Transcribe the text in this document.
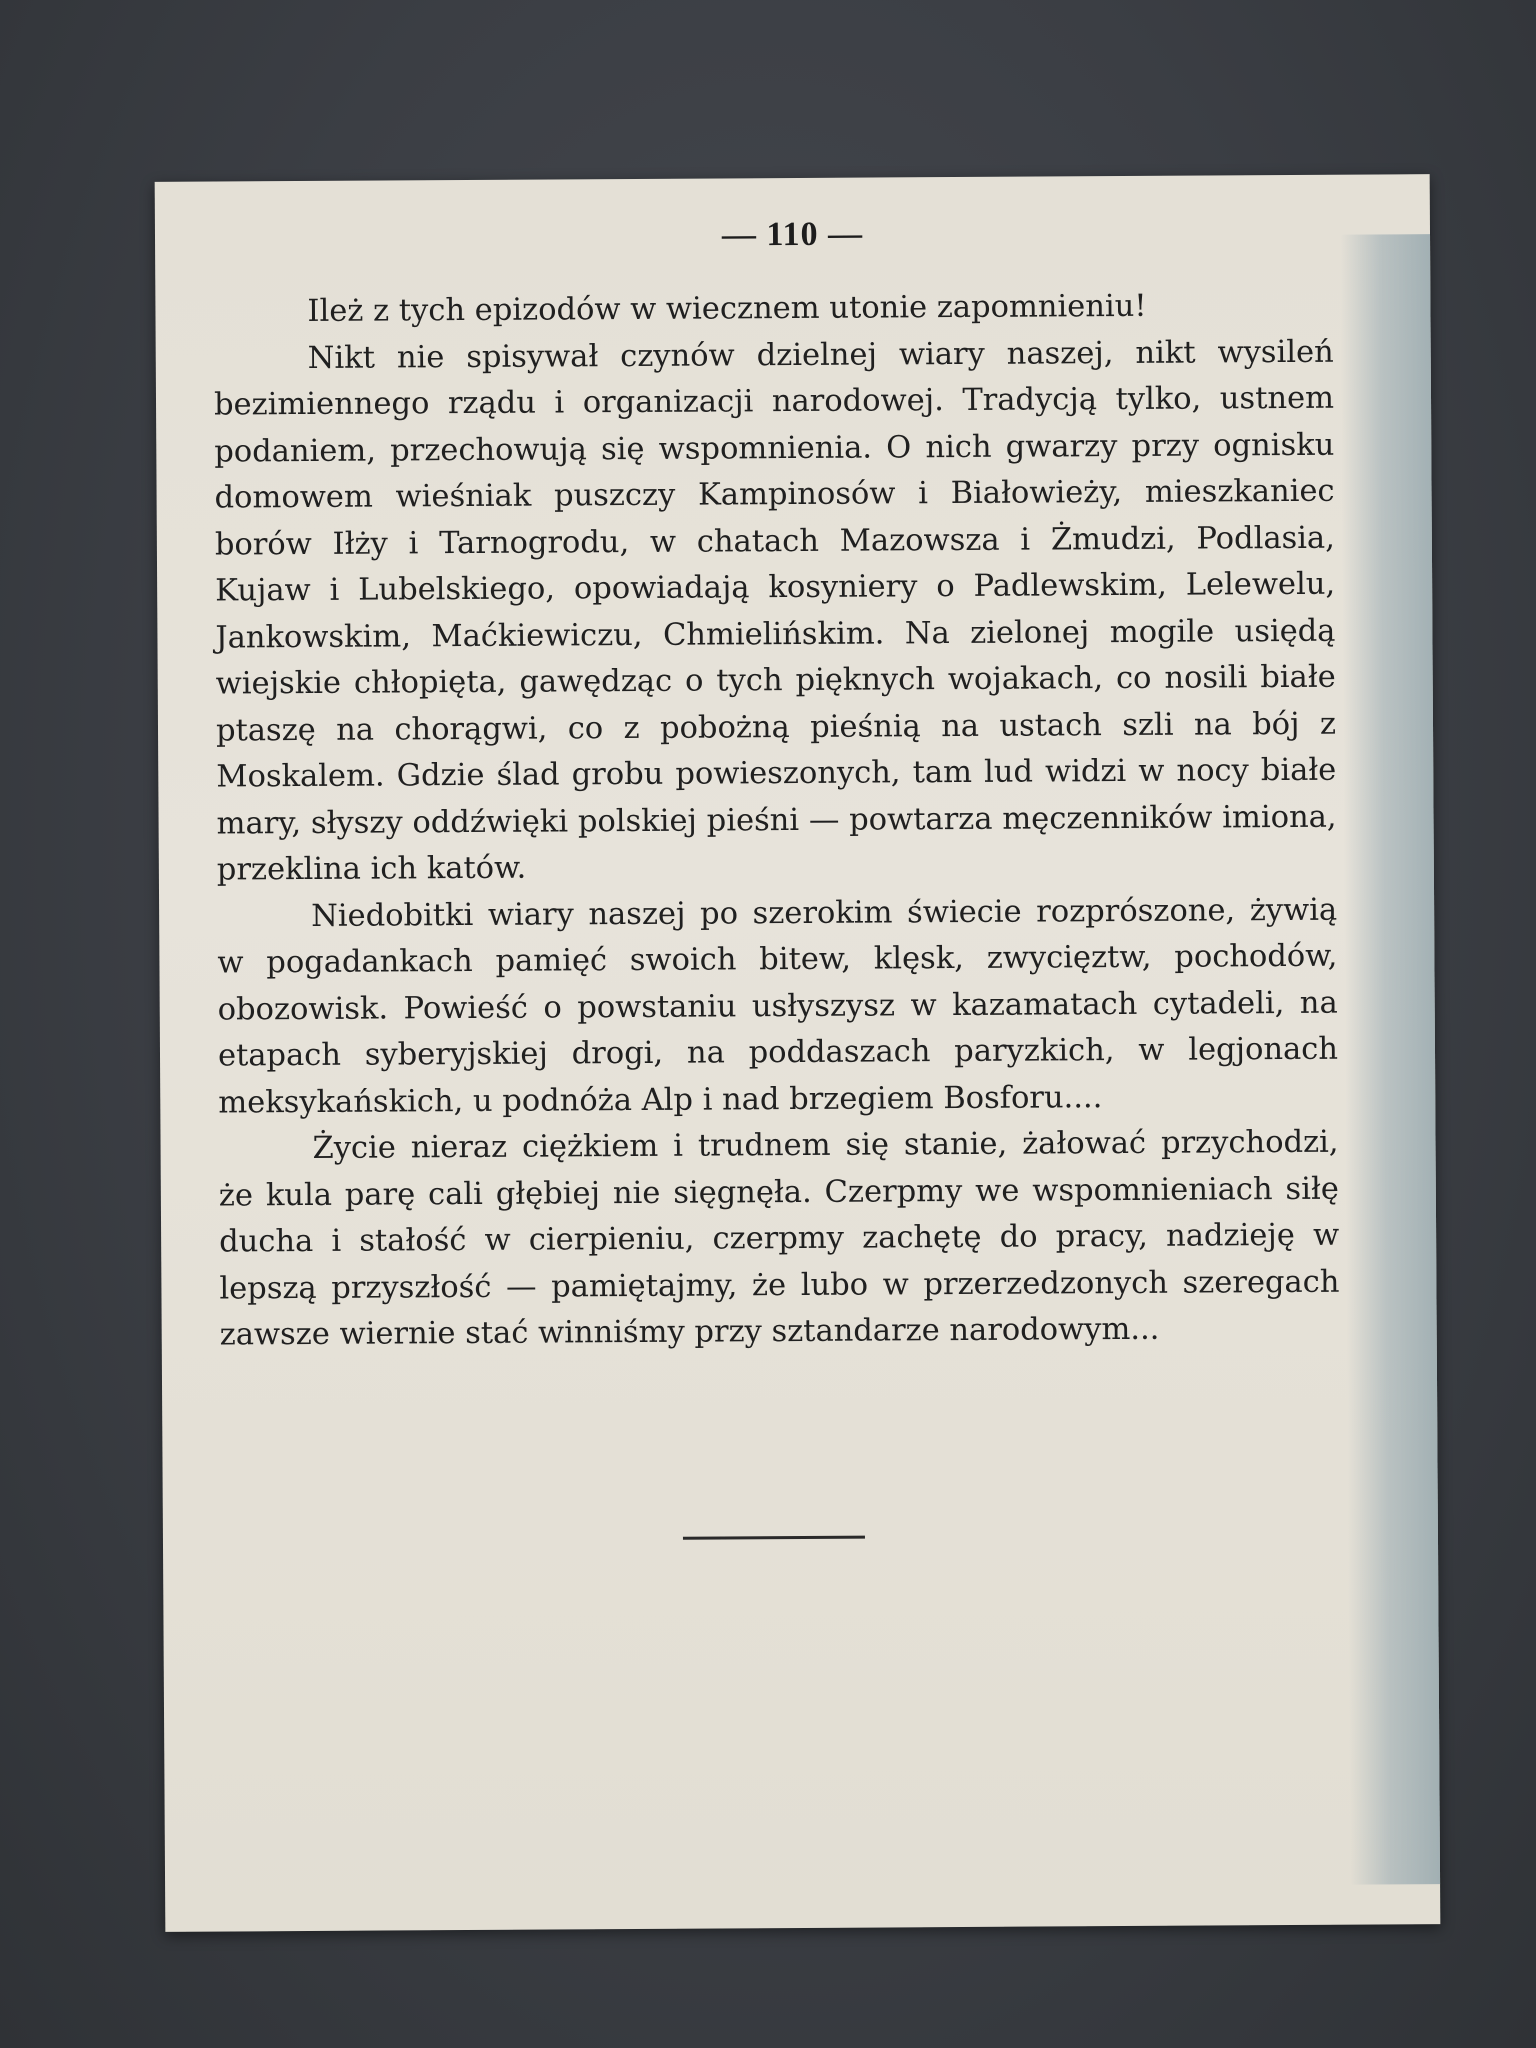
— 110 —

Ileż z tych epizodów w wiecznem utonie zapomnieniu!

Nikt nie spisywał czynów dzielnej wiary naszej, nikt wysileń bezimiennego rządu i organizacji narodowej. Tradycją tylko, ustnem podaniem, przechowują się wspomnienia. O nich gwarzy przy ognisku domowem wieśniak puszczy Kampinosów i Białowieży, mieszkaniec borów Iłży i Tarnogrodu, w chatach Mazowsza i Żmudzi, Podlasia, Kujaw i Lubelskiego, opowiadają kosyniery o Padlewskim, Lelewelu, Jankowskim, Maćkiewiczu, Chmielińskim. Na zielonej mogile usiędą wiejskie chłopięta, gawędząc o tych pięknych wojakach, co nosili białe ptaszę na chorągwi, co z pobożną pieśnią na ustach szli na bój z Moskalem. Gdzie ślad grobu powieszonych, tam lud widzi w nocy białe mary, słyszy oddźwięki polskiej pieśni — powtarza męczenników imiona, przeklina ich katów.

Niedobitki wiary naszej po szerokim świecie rozprószone, żywią w pogadankach pamięć swoich bitew, klęsk, zwycięztw, pochodów, obozowisk. Powieść o powstaniu usłyszysz w kazamatach cytadeli, na etapach syberyjskiej drogi, na poddaszach paryzkich, w legjonach meksykańskich, u podnóża Alp i nad brzegiem Bosforu....

Życie nieraz ciężkiem i trudnem się stanie, żałować przychodzi, że kula parę cali głębiej nie sięgnęła. Czerpmy we wspomnieniach siłę ducha i stałość w cierpieniu, czerpmy zachętę do pracy, nadzieję w lepszą przyszłość — pamiętajmy, że lubo w przerzedzonych szeregach zawsze wiernie stać winniśmy przy sztandarze narodowym...
